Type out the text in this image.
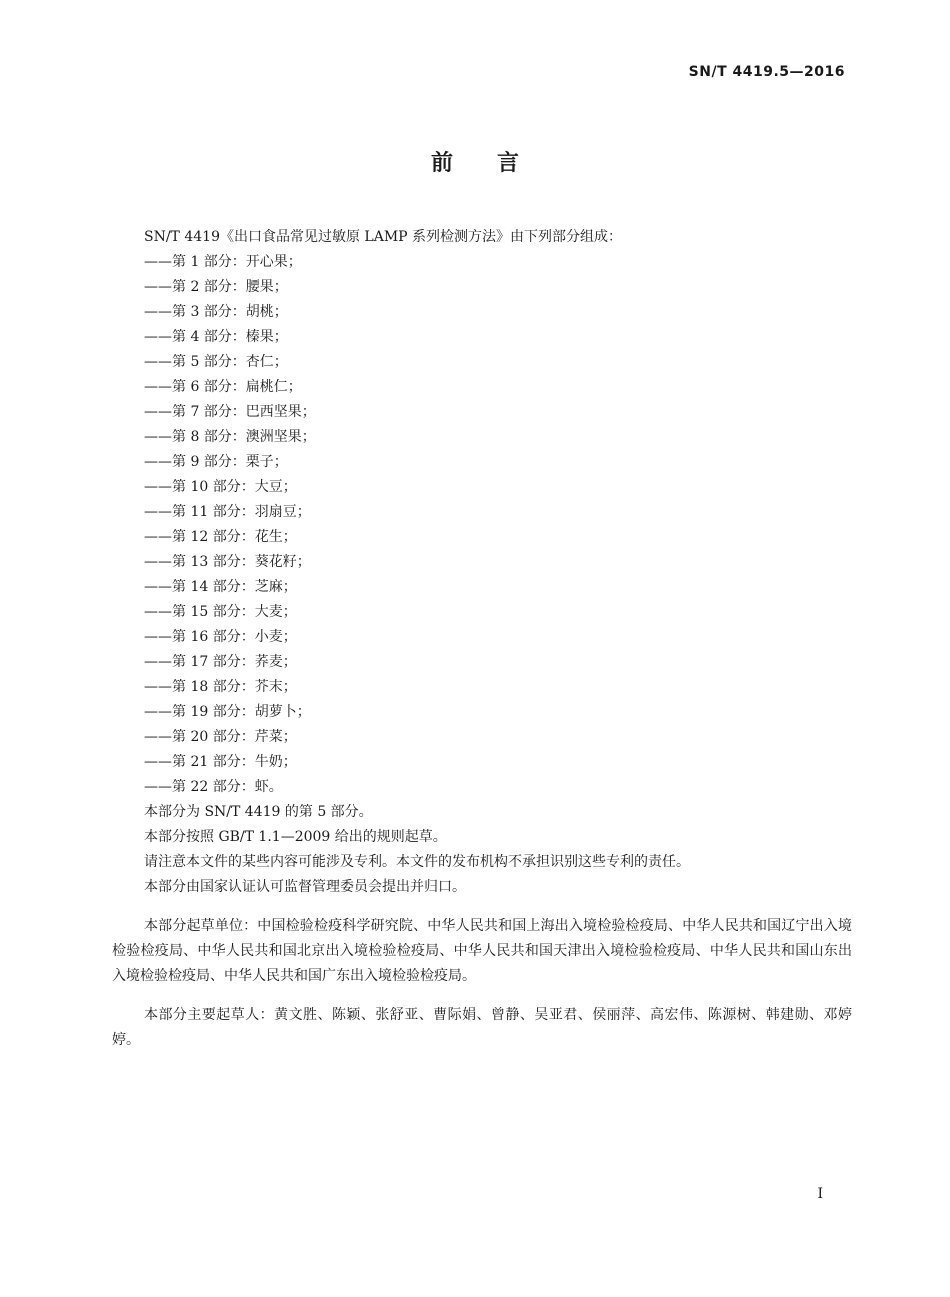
SN/T 4419.5—2016
前　　言

SN/T 4419《出口食品常见过敏原 LAMP 系列检测方法》由下列部分组成：

——第 1 部分：开心果；

——第 2 部分：腰果；

——第 3 部分：胡桃；

——第 4 部分：榛果；

——第 5 部分：杏仁；

——第 6 部分：扁桃仁；

——第 7 部分：巴西坚果；

——第 8 部分：澳洲坚果；

——第 9 部分：栗子；

——第 10 部分：大豆；

——第 11 部分：羽扇豆；

——第 12 部分：花生；

——第 13 部分：葵花籽；

——第 14 部分：芝麻；

——第 15 部分：大麦；

——第 16 部分：小麦；

——第 17 部分：荞麦；

——第 18 部分：芥末；

——第 19 部分：胡萝卜；

——第 20 部分：芹菜；

——第 21 部分：牛奶；

——第 22 部分：虾。

本部分为 SN/T 4419 的第 5 部分。

本部分按照 GB/T 1.1—2009 给出的规则起草。

请注意本文件的某些内容可能涉及专利。本文件的发布机构不承担识别这些专利的责任。

本部分由国家认证认可监督管理委员会提出并归口。

本部分起草单位：中国检验检疫科学研究院、中华人民共和国上海出入境检验检疫局、中华人民共和国辽宁出入境检验检疫局、中华人民共和国北京出入境检验检疫局、中华人民共和国天津出入境检验检疫局、中华人民共和国山东出入境检验检疫局、中华人民共和国广东出入境检验检疫局。

本部分主要起草人：黄文胜、陈颖、张舒亚、曹际娟、曾静、吴亚君、侯丽萍、高宏伟、陈源树、韩建勋、邓婷婷。

I
